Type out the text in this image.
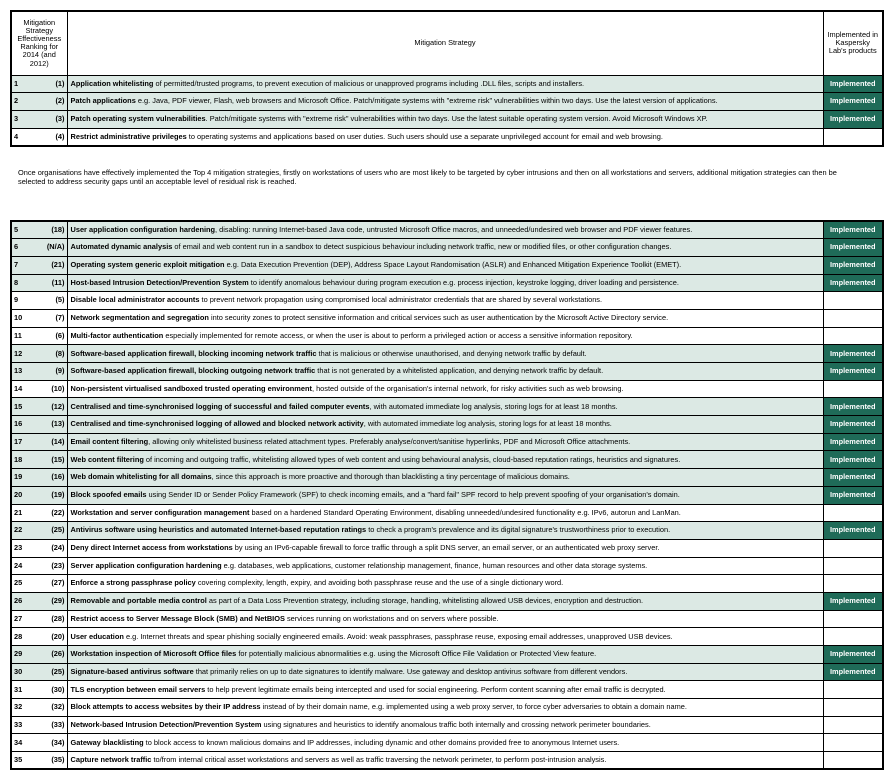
Mitigation Strategy Effectiveness Ranking for 2014 (and 2012)	Mitigation Strategy	Implemented in Kaspersky Lab's products

1 (1)	Application whitelisting of permitted/trusted programs, to prevent execution of malicious or unapproved programs including .DLL files, scripts and installers.	Implemented

2 (2)	Patch applications e.g. Java, PDF viewer, Flash, web browsers and Microsoft Office. Patch/mitigate systems with "extreme risk" vulnerabilities within two days. Use the latest version of applications.	Implemented

3 (3)	Patch operating system vulnerabilities. Patch/mitigate systems with "extreme risk" vulnerabilities within two days. Use the latest suitable operating system version. Avoid Microsoft Windows XP.	Implemented

4 (4)	Restrict administrative privileges to operating systems and applications based on user duties. Such users should use a separate unprivileged account for email and web browsing.	
Once organisations have effectively implemented the Top 4 mitigation strategies, firstly on workstations of users who are most likely to be targeted by cyber intrusions and then on all workstations and servers, additional mitigation strategies can then be selected to address security gaps until an acceptable level of residual risk is reached.
5 (18)	User application configuration hardening, disabling: running Internet-based Java code, untrusted Microsoft Office macros, and unneeded/undesired web browser and PDF viewer features.	Implemented

6 (N/A)	Automated dynamic analysis of email and web content run in a sandbox to detect suspicious behaviour including network traffic, new or modified files, or other configuration changes.	Implemented

7 (21)	Operating system generic exploit mitigation e.g. Data Execution Prevention (DEP), Address Space Layout Randomisation (ASLR) and Enhanced Mitigation Experience Toolkit (EMET).	Implemented

8 (11)	Host-based Intrusion Detection/Prevention System to identify anomalous behaviour during program execution e.g. process injection, keystroke logging, driver loading and persistence.	Implemented

9 (5)	Disable local administrator accounts to prevent network propagation using compromised local administrator credentials that are shared by several workstations.	

10 (7)	Network segmentation and segregation into security zones to protect sensitive information and critical services such as user authentication by the Microsoft Active Directory service.	

11 (6)	Multi-factor authentication especially implemented for remote access, or when the user is about to perform a privileged action or access a sensitive information repository.	

12 (8)	Software-based application firewall, blocking incoming network traffic that is malicious or otherwise unauthorised, and denying network traffic by default.	Implemented

13 (9)	Software-based application firewall, blocking outgoing network traffic that is not generated by a whitelisted application, and denying network traffic by default.	Implemented

14 (10)	Non-persistent virtualised sandboxed trusted operating environment, hosted outside of the organisation's internal network, for risky activities such as web browsing.	

15 (12)	Centralised and time-synchronised logging of successful and failed computer events, with automated immediate log analysis, storing logs for at least 18 months.	Implemented

16 (13)	Centralised and time-synchronised logging of allowed and blocked network activity, with automated immediate log analysis, storing logs for at least 18 months.	Implemented

17 (14)	Email content filtering, allowing only whitelisted business related attachment types. Preferably analyse/convert/sanitise hyperlinks, PDF and Microsoft Office attachments.	Implemented

18 (15)	Web content filtering of incoming and outgoing traffic, whitelisting allowed types of web content and using behavioural analysis, cloud-based reputation ratings, heuristics and signatures.	Implemented

19 (16)	Web domain whitelisting for all domains, since this approach is more proactive and thorough than blacklisting a tiny percentage of malicious domains.	Implemented

20 (19)	Block spoofed emails using Sender ID or Sender Policy Framework (SPF) to check incoming emails, and a "hard fail" SPF record to help prevent spoofing of your organisation's domain.	Implemented

21 (22)	Workstation and server configuration management based on a hardened Standard Operating Environment, disabling unneeded/undesired functionality e.g. IPv6, autorun and LanMan.	

22 (25)	Antivirus software using heuristics and automated Internet-based reputation ratings to check a program's prevalence and its digital signature's trustworthiness prior to execution.	Implemented

23 (24)	Deny direct Internet access from workstations by using an IPv6-capable firewall to force traffic through a split DNS server, an email server, or an authenticated web proxy server.	

24 (23)	Server application configuration hardening e.g. databases, web applications, customer relationship management, finance, human resources and other data storage systems.	

25 (27)	Enforce a strong passphrase policy covering complexity, length, expiry, and avoiding both passphrase reuse and the use of a single dictionary word.	

26 (29)	Removable and portable media control as part of a Data Loss Prevention strategy, including storage, handling, whitelisting allowed USB devices, encryption and destruction.	Implemented

27 (28)	Restrict access to Server Message Block (SMB) and NetBIOS services running on workstations and on servers where possible.	

28 (20)	User education e.g. Internet threats and spear phishing socially engineered emails. Avoid: weak passphrases, passphrase reuse, exposing email addresses, unapproved USB devices.	

29 (26)	Workstation inspection of Microsoft Office files for potentially malicious abnormalities e.g. using the Microsoft Office File Validation or Protected View feature.	Implemented

30 (25)	Signature-based antivirus software that primarily relies on up to date signatures to identify malware. Use gateway and desktop antivirus software from different vendors.	Implemented

31 (30)	TLS encryption between email servers to help prevent legitimate emails being intercepted and used for social engineering. Perform content scanning after email traffic is decrypted.	

32 (32)	Block attempts to access websites by their IP address instead of by their domain name, e.g. implemented using a web proxy server, to force cyber adversaries to obtain a domain name.	

33 (33)	Network-based Intrusion Detection/Prevention System using signatures and heuristics to identify anomalous traffic both internally and crossing network perimeter boundaries.	

34 (34)	Gateway blacklisting to block access to known malicious domains and IP addresses, including dynamic and other domains provided free to anonymous Internet users.	

35 (35)	Capture network traffic to/from internal critical asset workstations and servers as well as traffic traversing the network perimeter, to perform post-intrusion analysis.	
